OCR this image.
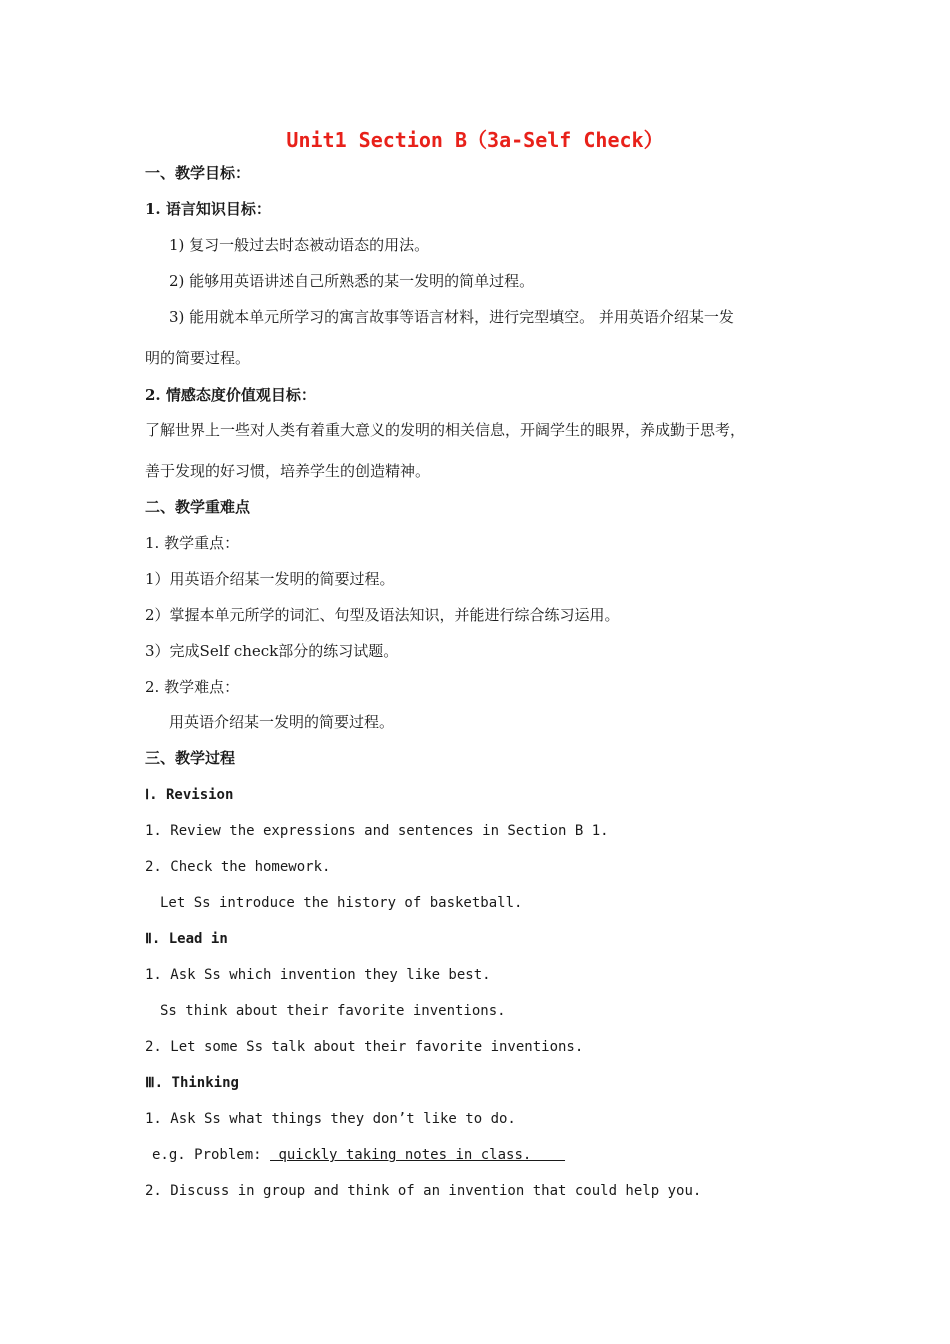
Unit1 Section B（3a-Self Check）
一、教学目标：
1. 语言知识目标：
1) 复习一般过去时态被动语态的用法。
2) 能够用英语讲述自己所熟悉的某一发明的简单过程。
3) 能用就本单元所学习的寓言故事等语言材料，进行完型填空。 并用英语介绍某一发
明的简要过程。
2. 情感态度价值观目标：
了解世界上一些对人类有着重大意义的发明的相关信息，开阔学生的眼界，养成勤于思考，
善于发现的好习惯，培养学生的创造精神。
二、教学重难点
1. 教学重点：
1）用英语介绍某一发明的简要过程。
2）掌握本单元所学的词汇、句型及语法知识，并能进行综合练习运用。
3）完成Self check部分的练习试题。
2. 教学难点：
用英语介绍某一发明的简要过程。
三、教学过程
Ⅰ. Revision
1. Review the expressions and sentences in Section B 1.
2. Check the homework.
Let Ss introduce the history of basketball.
Ⅱ. Lead in
1. Ask Ss which invention they like best.
Ss think about their favorite inventions.
2. Let some Ss talk about their favorite inventions.
Ⅲ. Thinking
1. Ask Ss what things they don’t like to do.
e.g. Problem:  quickly taking notes in class.
2. Discuss in group and think of an invention that could help you.
